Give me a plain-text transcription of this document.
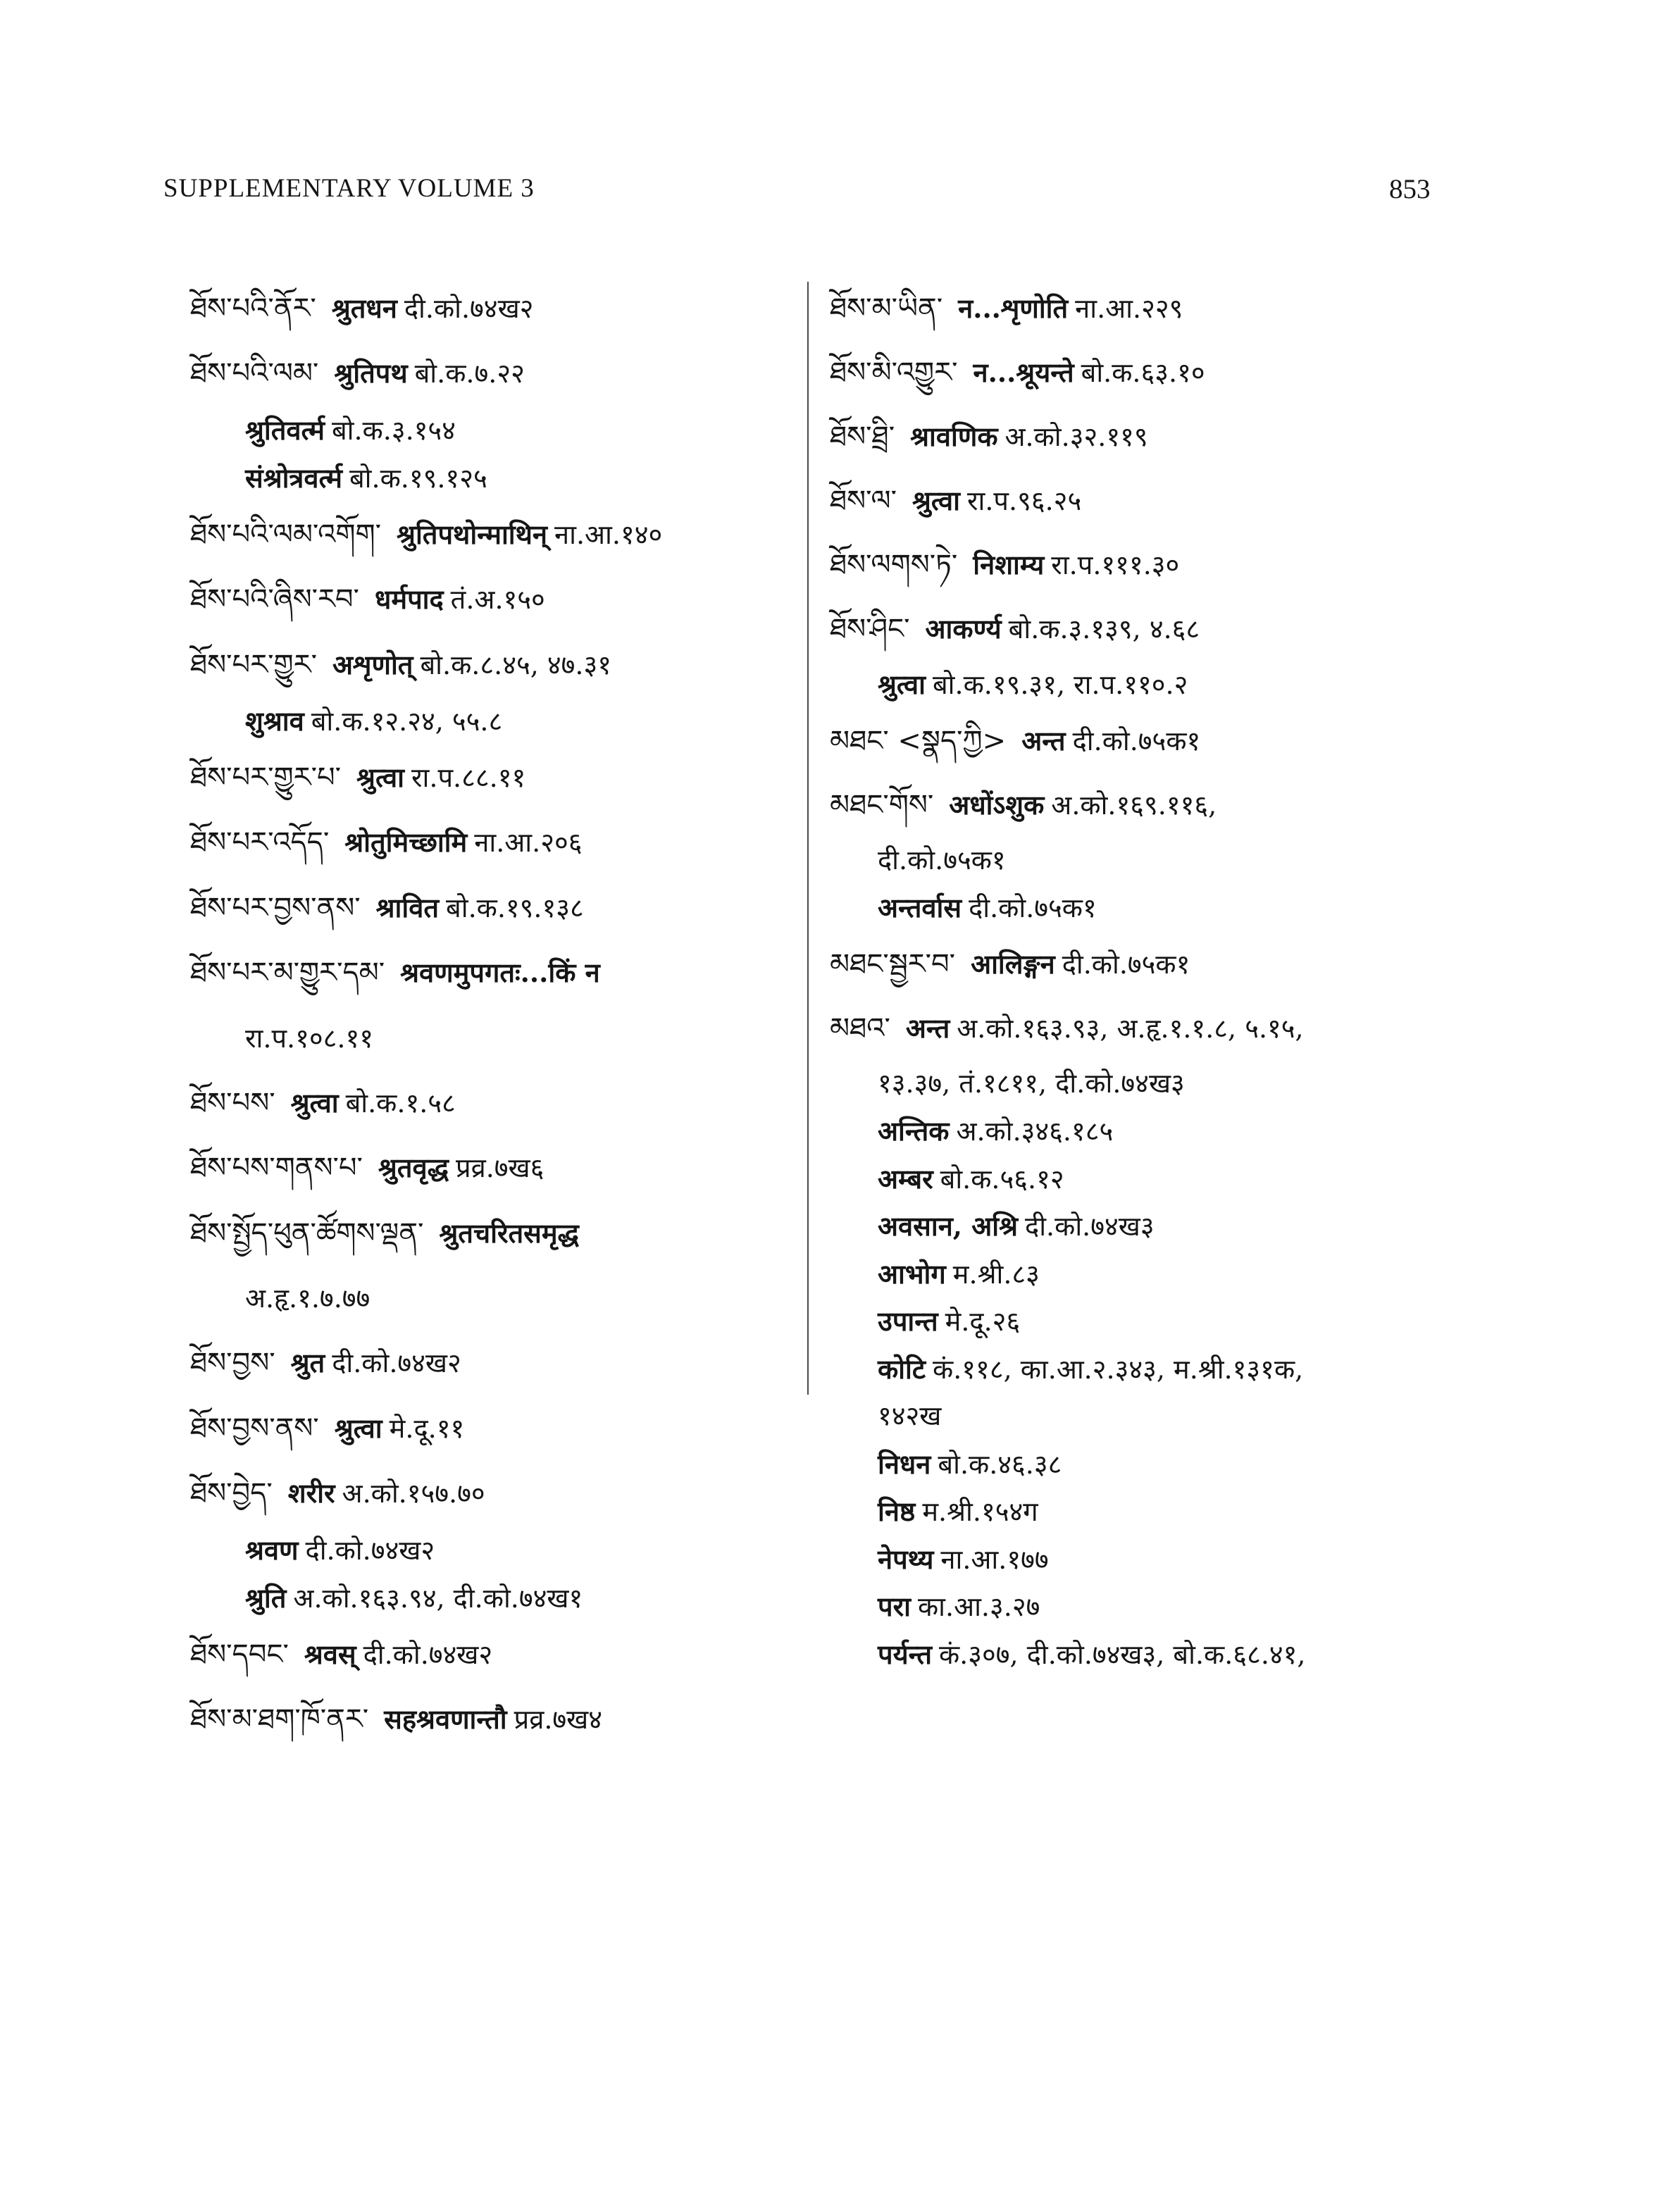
SUPPLEMENTARY VOLUME 3	853
ཐོས་པའི་ནོར་ श्रुतधन दी.को.७४ख२
ཐོས་པའི་ལམ་ श्रुतिपथ बो.क.७.२२
श्रुतिवर्त्म बो.क.३.१५४
संश्रोत्रवर्त्म बो.क.१९.१२५
ཐོས་པའི་ལམ་འགོག་ श्रुतिपथोन्माथिन् ना.आ.१४०
ཐོས་པའི་ཞིས་རབ་ धर्मपाद तं.अ.१५०
ཐོས་པར་གྱུར་ अशृणोत् बो.क.८.४५, ४७.३१
शुश्राव बो.क.१२.२४, ५५.८
ཐོས་པར་གྱུར་པ་ श्रुत्वा रा.प.८८.११
ཐོས་པར་འདོད་ श्रोतुमिच्छामि ना.आ.२०६
ཐོས་པར་བྱས་ནས་ श्रावित बो.क.१९.१३८
ཐོས་པར་མ་གྱུར་དམ་ श्रवणमुपगतः...किं न
रा.प.१०८.११
ཐོས་པས་ श्रुत्वा बो.क.१.५८
ཐོས་པས་གནས་པ་ श्रुतवृद्ध प्रव्र.७ख६
ཐོས་སྤྱོད་ཕུན་ཚོགས་ལྡན་ श्रुतचरितसमृद्ध
अ.हृ.१.७.७७
ཐོས་བྱས་ श्रुत दी.को.७४ख२
ཐོས་བྱས་ནས་ श्रुत्वा मे.दू.११
ཐོས་བྱེད་ शरीर अ.को.१५७.७०
श्रवण दी.को.७४ख२
श्रुति अ.को.१६३.९४, दी.को.७४ख१
ཐོས་དབང་ श्रवस् दी.को.७४ख२
ཐོས་མ་ཐག་ཁོ་ནར་ सहश्रवणान्तौ प्रव्र.७ख४
ཐོས་མ་ཡིན་ न...शृणोति ना.आ.२२९
ཐོས་མི་འགྱུར་ न...श्रूयन्ते बो.क.६३.१०
ཐོས་ཐྲི་ श्रावणिक अ.को.३२.११९
ཐོས་ལ་ श्रुत्वा रा.प.९६.२५
ཐོས་ལགས་ཏེ་ निशाम्य रा.प.१११.३०
ཐོས་ཤིང་ आकर्ण्य बो.क.३.१३९, ४.६८
श्रुत्वा बो.क.१९.३१, रा.प.११०.२
མཐང་ <སྣད་ཀྱི> अन्त दी.को.७५क१
མཐང་གོས་ अधोंऽशुक अ.को.१६९.११६,
दी.को.७५क१
अन्तर्वास दी.को.७५क१
མཐང་སྦྱར་བ་ आलिङ्गन दी.को.७५क१
མཐའ་ अन्त अ.को.१६३.९३, अ.हृ.१.१.८, ५.१५,
१३.३७, तं.१८११, दी.को.७४ख३
अन्तिक अ.को.३४६.१८५
अम्बर बो.क.५६.१२
अवसान, अश्रि दी.को.७४ख३
आभोग म.श्री.८३
उपान्त मे.दू.२६
कोटि कं.११८, का.आ.२.३४३, म.श्री.१३१क,
१४२ख
निधन बो.क.४६.३८
निष्ठ म.श्री.१५४ग
नेपथ्य ना.आ.१७७
परा का.आ.३.२७
पर्यन्त कं.३०७, दी.को.७४ख३, बो.क.६८.४१,
